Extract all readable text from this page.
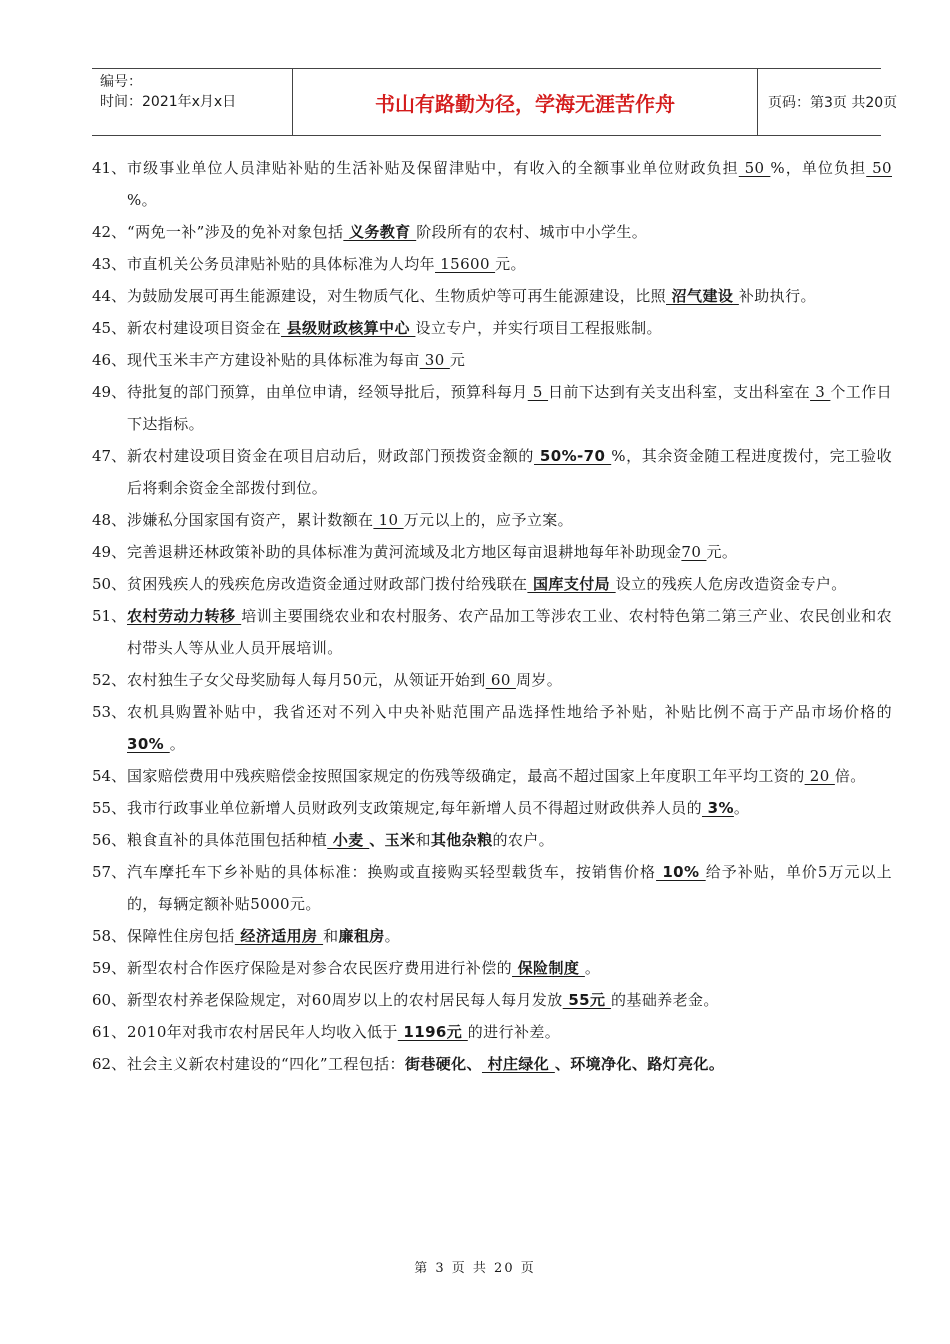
编号：
时间：2021年x月x日	书山有路勤为径，学海无涯苦作舟	页码：第3页 共20页
41、 市级事业单位人员津贴补贴的生活补贴及保留津贴中，有收入的全额事业单位财政负担 50 %，单位负担 50 %。
42、 “两免一补”涉及的免补对象包括 义务教育 阶段所有的农村、城市中小学生。
43、 市直机关公务员津贴补贴的具体标准为人均年 15600 元。
44、 为鼓励发展可再生能源建设，对生物质气化、生物质炉等可再生能源建设，比照 沼气建设 补助执行。
45、 新农村建设项目资金在 县级财政核算中心 设立专户，并实行项目工程报账制。
46、 现代玉米丰产方建设补贴的具体标准为每亩 30 元
49、 待批复的部门预算，由单位申请，经领导批后，预算科每月 5 日前下达到有关支出科室，支出科室在 3 个工作日下达指标。
47、 新农村建设项目资金在项目启动后，财政部门预拨资金额的 50%-70 %，其余资金随工程进度拨付，完工验收后将剩余资金全部拨付到位。
48、 涉嫌私分国家国有资产，累计数额在 10 万元以上的，应予立案。
49、 完善退耕还林政策补助的具体标准为黄河流域及北方地区每亩退耕地每年补助现金70 元。
50、 贫困残疾人的残疾危房改造资金通过财政部门拨付给残联在 国库支付局 设立的残疾人危房改造资金专户。
51、 农村劳动力转移 培训主要围绕农业和农村服务、农产品加工等涉农工业、农村特色第二第三产业、农民创业和农村带头人等从业人员开展培训。
52、 农村独生子女父母奖励每人每月50元，从领证开始到 60 周岁。
53、 农机具购置补贴中，我省还对不列入中央补贴范围产品选择性地给予补贴，补贴比例不高于产品市场价格的 30% 。
54、 国家赔偿费用中残疾赔偿金按照国家规定的伤残等级确定，最高不超过国家上年度职工年平均工资的 20 倍。
55、 我市行政事业单位新增人员财政列支政策规定,每年新增人员不得超过财政供养人员的 3%。
56、 粮食直补的具体范围包括种植 小麦 、玉米和其他杂粮的农户。
57、 汽车摩托车下乡补贴的具体标准：换购或直接购买轻型载货车，按销售价格 10% 给予补贴，单价5万元以上的，每辆定额补贴5000元。
58、 保障性住房包括 经济适用房 和廉租房。
59、 新型农村合作医疗保险是对参合农民医疗费用进行补偿的 保险制度 。
60、 新型农村养老保险规定，对60周岁以上的农村居民每人每月发放 55元 的基础养老金。
61、 2010年对我市农村居民年人均收入低于 1196元 的进行补差。
62、 社会主义新农村建设的“四化”工程包括：街巷硬化、 村庄绿化 、环境净化、路灯亮化。
第 3 页 共 20 页
